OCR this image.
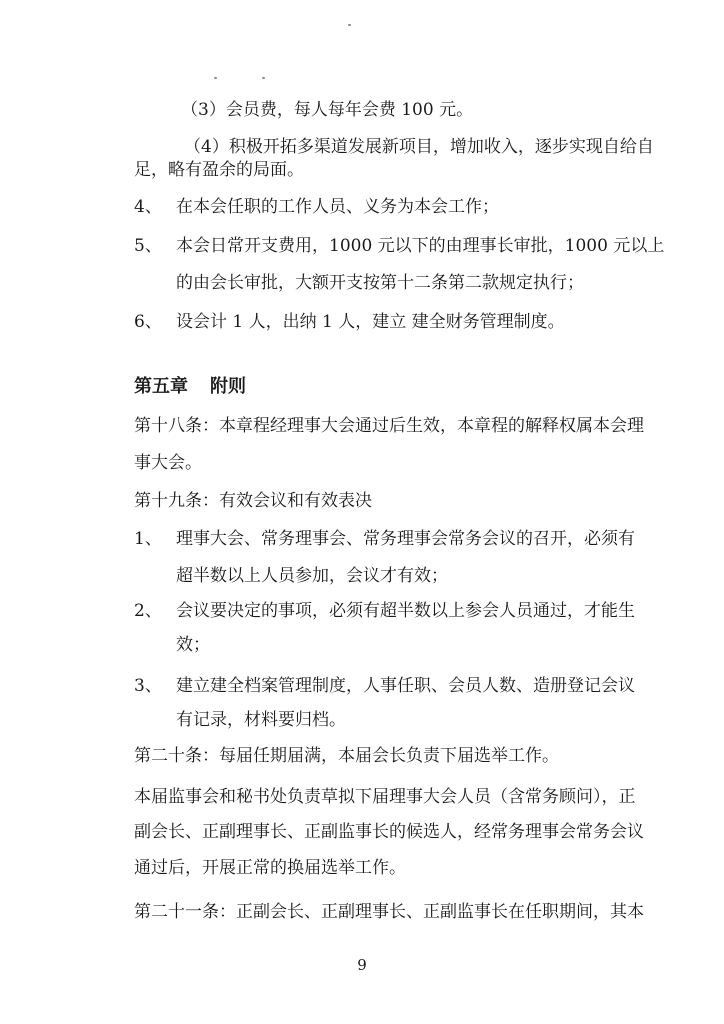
（3）会员费，每人每年会费 100 元。
（4）积极开拓多渠道发展新项目，增加收入，逐步实现自给自
足，略有盈余的局面。
4、 在本会任职的工作人员、义务为本会工作；
5、 本会日常开支费用，1000 元以下的由理事长审批，1000 元以上
的由会长审批，大额开支按第十二条第二款规定执行；
6、 设会计 1 人，出纳 1 人，建立 建全财务管理制度。
第五章 附则
第十八条：本章程经理事大会通过后生效，本章程的解释权属本会理
事大会。
第十九条：有效会议和有效表决
1、 理事大会、常务理事会、常务理事会常务会议的召开，必须有
超半数以上人员参加，会议才有效；
2、 会议要决定的事项，必须有超半数以上参会人员通过，才能生
效；
3、 建立建全档案管理制度，人事任职、会员人数、造册登记会议
有记录，材料要归档。
第二十条：每届任期届满，本届会长负责下届选举工作。
本届监事会和秘书处负责草拟下届理事大会人员（含常务顾问），正
副会长、正副理事长、正副监事长的候选人，经常务理事会常务会议
通过后，开展正常的换届选举工作。
第二十一条：正副会长、正副理事长、正副监事长在任职期间，其本
9
